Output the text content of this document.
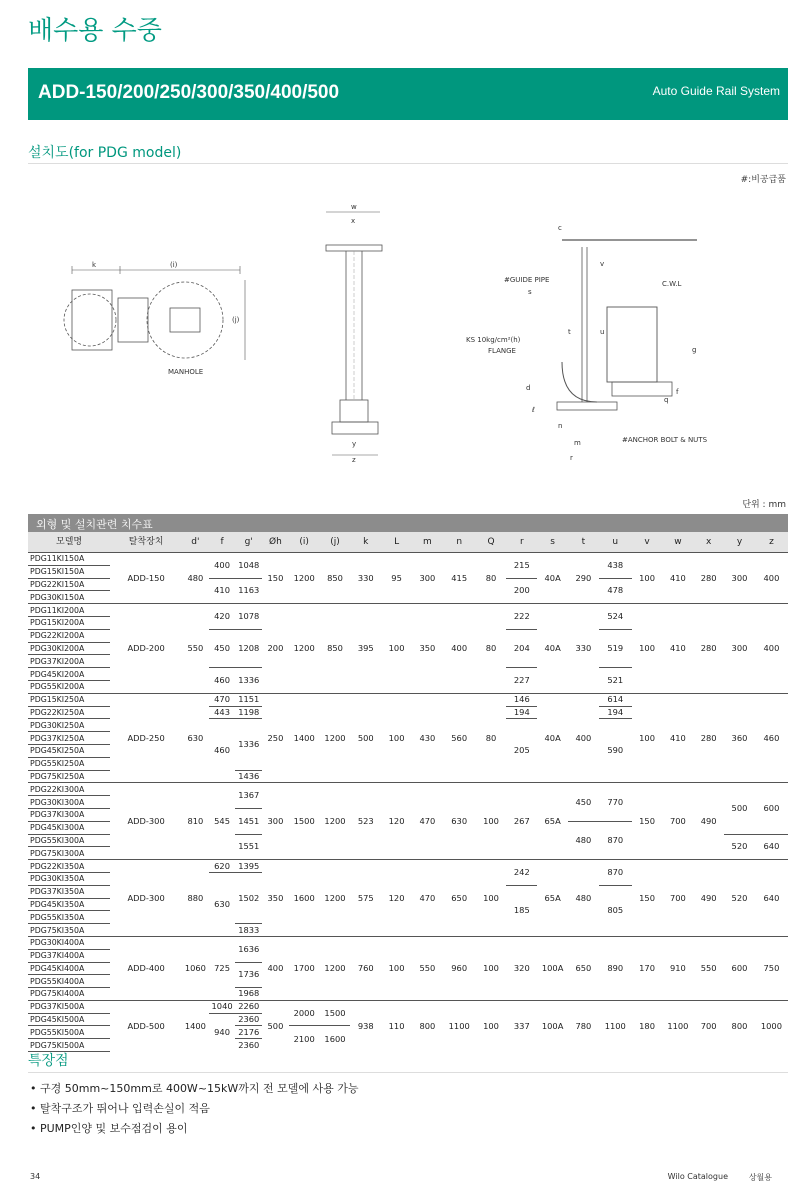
배수용 수중
ADD-150/200/250/300/350/400/500	Auto Guide Rail System
설치도(for PDG model)
#:비공급품
k	(i)
(j)
MANHOLE
w
x
y
z
c
v
#GUIDE PIPE
s
C.W.L
t	u
KS 10kg/cm²(h)
FLANGE	g
d	f
q
ℓ
n
m
r
#ANCHOR BOLT & NUTS
단위 : mm
외형 및 설치관련 치수표
모델명	탈착장치	d'	f	g'	Øh	(i)	(j)	k	L	m	n	Q	r	s	t	u	v	w	x	y	z
PDG11KI150A	ADD-150	480	400	1048	150	1200	850	330	95	300	415	80	215	40A	290	438	100	410	280	300	400
PDG15KI150A																					
PDG22KI150A			410	1163									200			478					
PDG30KI150A																					
PDG11KI200A	ADD-200	550	420	1078	200	1200	850	395	100	350	400	80	222	40A	330	524	100	410	280	300	400
PDG15KI200A																					
PDG22KI200A			450	1208									204			519					
PDG30KI200A																					
PDG37KI200A																					
PDG45KI200A			460	1336									227			521					
PDG55KI200A																					
PDG15KI250A	ADD-250	630	470	1151	250	1400	1200	500	100	430	560	80	146	40A	400	614	100	410	280	360	460
PDG22KI250A			443	1198									194			194					
PDG30KI250A			460	1336									205			590					
PDG37KI250A																					
PDG45KI250A																					
PDG55KI250A																					
PDG75KI250A				1436																	
PDG22KI300A	ADD-300	810	545	1367	300	1500	1200	523	120	470	630	100	267	65A	450	770	150	700	490	500	600
PDG30KI300A																					
PDG37KI300A				1451																	
PDG45KI300A															480	870					
PDG55KI300A				1551																520	640
PDG75KI300A																					
PDG22KI350A	ADD-300	880	620	1395	350	1600	1200	575	120	470	650	100	242	65A	480	870	150	700	490	520	640
PDG30KI350A			630	1502																	
PDG37KI350A													185			805					
PDG45KI350A																					
PDG55KI350A																					
PDG75KI350A				1833																	
PDG30KI400A	ADD-400	1060	725	1636	400	1700	1200	760	100	550	960	100	320	100A	650	890	170	910	550	600	750
PDG37KI400A																					
PDG45KI400A				1736																	
PDG55KI400A																					
PDG75KI400A				1968																	
PDG37KI500A	ADD-500	1400	1040	2260	500	2000	1500	938	110	800	1100	100	337	100A	780	1100	180	1100	700	800	1000
PDG45KI500A			940	2360																	
PDG55KI500A				2176		2100	1600														
PDG75KI500A				2360																	
특장점
• 구경 50mm~150mm로 400W~15kW까지 전 모델에 사용 가능
• 탈착구조가 뛰어나 입력손실이 적음
• PUMP인양 및 보수점검이 용이
34	Wilo Catalogue	상월용
